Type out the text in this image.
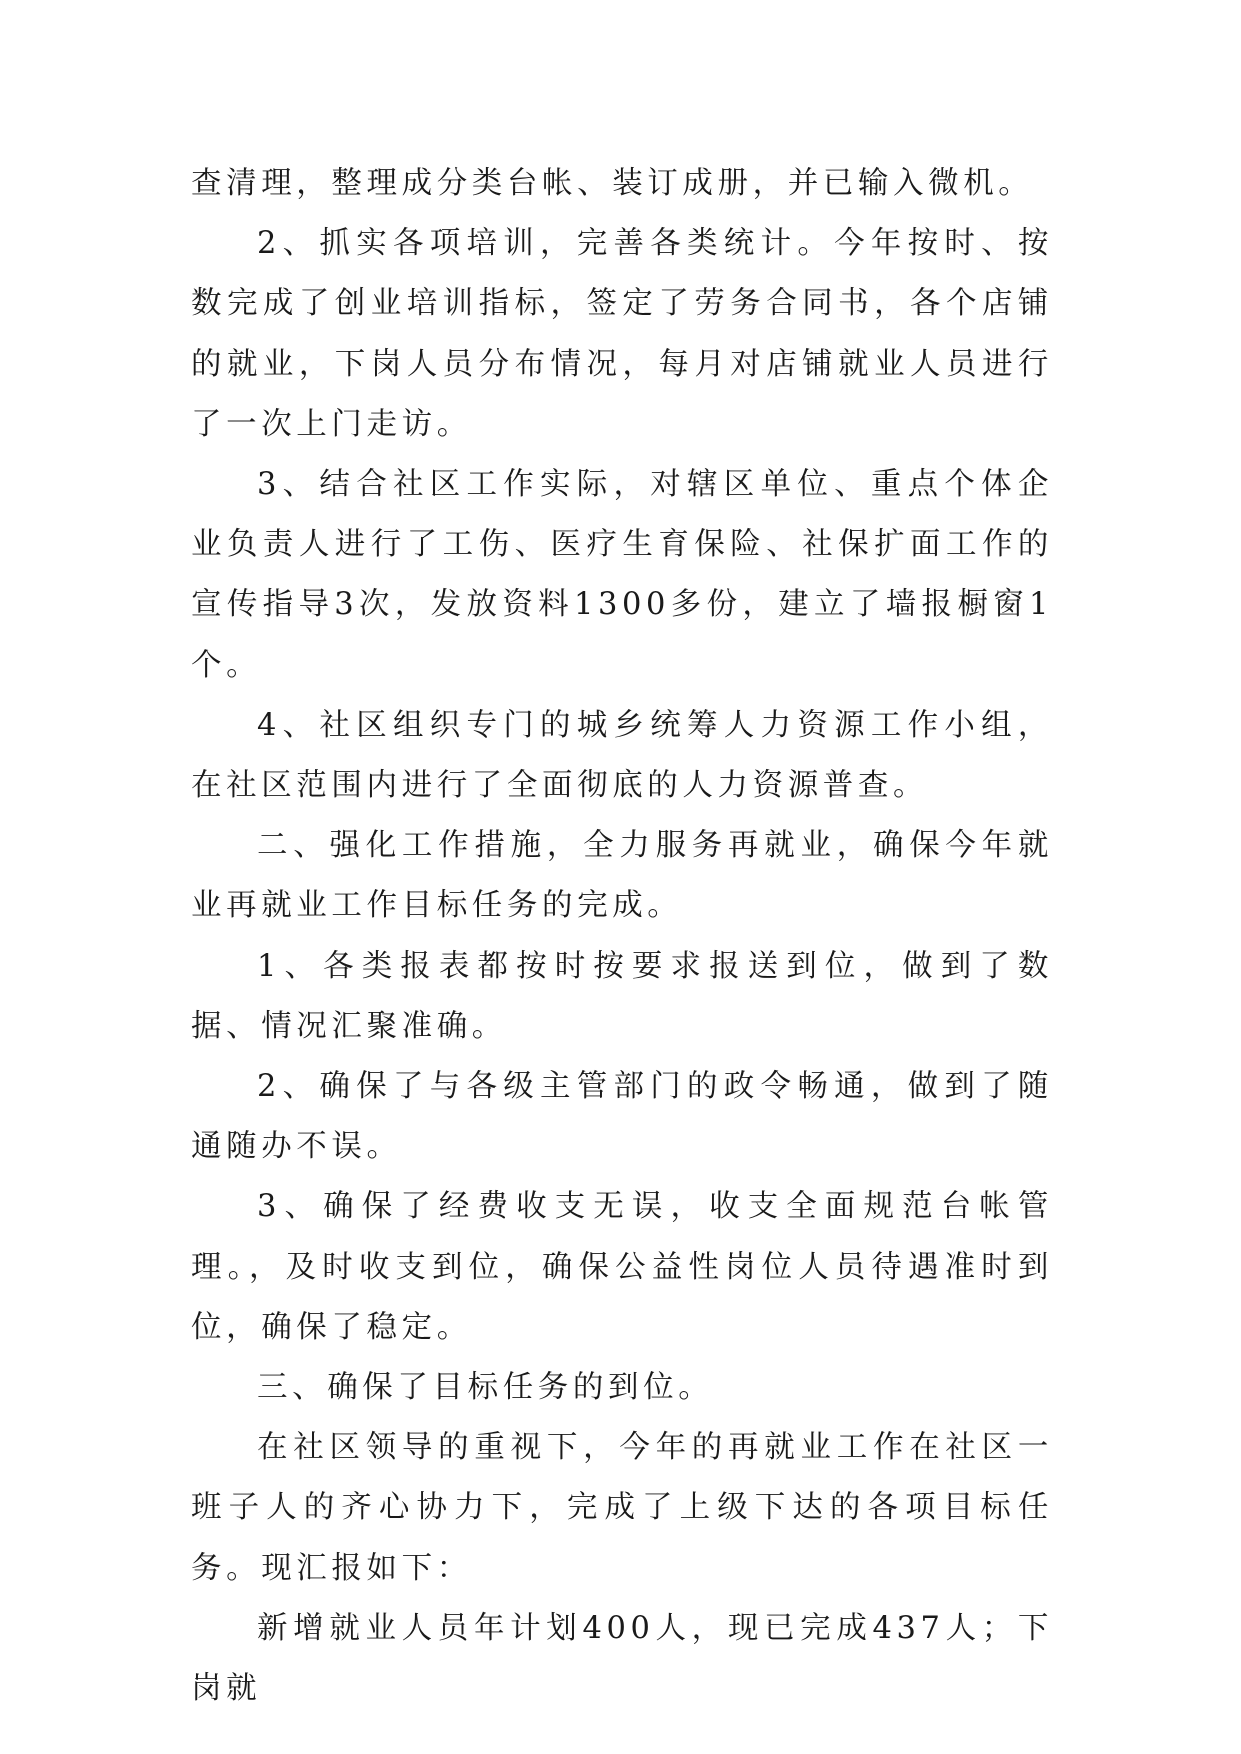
查清理，整理成分类台帐、装订成册，并已输入微机。

2、抓实各项培训，完善各类统计。今年按时、按数完成了创业培训指标，签定了劳务合同书，各个店铺的就业，下岗人员分布情况，每月对店铺就业人员进行了一次上门走访。

3、结合社区工作实际，对辖区单位、重点个体企业负责人进行了工伤、医疗生育保险、社保扩面工作的宣传指导3次，发放资料1300多份，建立了墙报橱窗1个。

4、社区组织专门的城乡统筹人力资源工作小组，在社区范围内进行了全面彻底的人力资源普查。

二、强化工作措施，全力服务再就业，确保今年就业再就业工作目标任务的完成。

1、各类报表都按时按要求报送到位，做到了数据、情况汇聚准确。

2、确保了与各级主管部门的政令畅通，做到了随通随办不误。

3、确保了经费收支无误，收支全面规范台帐管理。，及时收支到位，确保公益性岗位人员待遇准时到位，确保了稳定。

三、确保了目标任务的到位。

在社区领导的重视下，今年的再就业工作在社区一班子人的齐心协力下，完成了上级下达的各项目标任务。现汇报如下：

新增就业人员年计划400人，现已完成437人；下岗就
